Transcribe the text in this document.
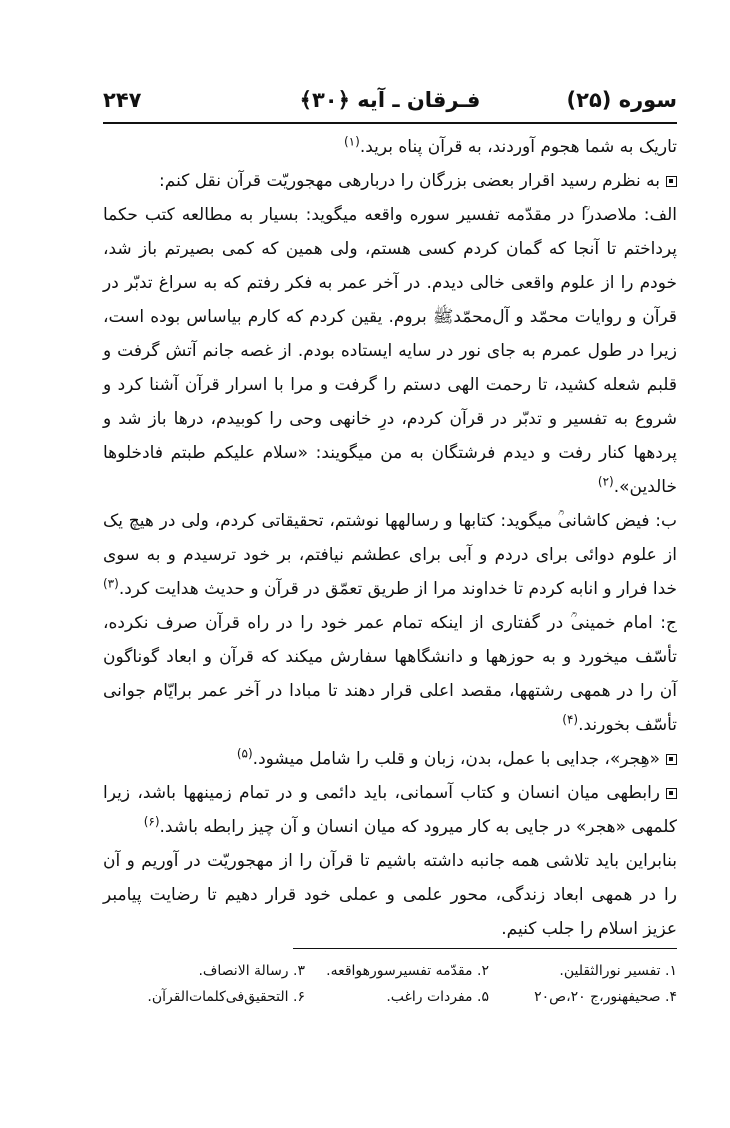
سوره (۲۵)
فـرقان ـ آيه ﴿۳۰﴾
۲۴۷

تاریک به شما هجوم آوردند، به قرآن پناه برید.$^{(۱)}$

به نظرم رسید اقرار بعضی بزرگان را دربارهی مهجوریّت قرآن نقل کنم:

الف: ملاصدرا‌ؒ در مقدّمه تفسیر سوره واقعه میگوید: بسیار به مطالعه کتب حکما پرداختم تا آنجا که گمان کردم کسی هستم، ولی همین که کمی بصیرتم باز شد، خودم را از علوم واقعی خالی دیدم. در آخر عمر به فکر رفتم که به سراغ تدبّر در قرآن و روایات محمّد و آل‌محمّد‌ﷺ بروم. یقین کردم که کارم بیاساس بوده است، زیرا در طول عمرم به جای نور در سایه ایستاده بودم. از غصه جانم آتش گرفت و قلبم شعله کشید، تا رحمت الهی دستم را گرفت و مرا با اسرار قرآن آشنا کرد و شروع به تفسیر و تدبّر در قرآن کردم، درِ خانهی وحی را کوبیدم، درها باز شد و پردهها کنار رفت و دیدم فرشتگان به من میگویند: «سلام علیکم طبتم فادخلوها خالدین».$^{(۲)}$

ب: فیض کاشانی‌ؒ میگوید: کتابها و رسالهها نوشتم، تحقیقاتی کردم، ولی در هیچ یک از علوم دوائی برای دردم و آبی برای عطشم نیافتم، بر خود ترسیدم و به سوی خدا فرار و انابه کردم تا خداوند مرا از طریق تعمّق در قرآن و حدیث هدایت کرد.$^{(۳)}$

ج: امام خمینی‌ؒ در گفتاری از اینکه تمام عمر خود را در راه قرآن صرف نکرده، تأسّف میخورد و به حوزهها و دانشگاهها سفارش میکند که قرآن و ابعاد گوناگون آن را در همهی رشتهها، مقصد اعلی قرار دهند تا مبادا در آخر عمر برایّام جوانی تأسّف بخورند.$^{(۴)}$

«هِجر»، جدایی با عمل، بدن، زبان و قلب را شامل میشود.$^{(۵)}$

رابطهی میان انسان و کتاب آسمانی، باید دائمی و در تمام زمینهها باشد، زیرا کلمهی «هجر» در جایی به کار میرود که میان انسان و آن چیز رابطه باشد.$^{(۶)}$

بنابراین باید تلاشی همه جانبه داشته باشیم تا قرآن را از مهجوریّت در آوریم و آن را در همهی ابعاد زندگی، محور علمی و عملی خود قرار دهیم تا رضایت پیامبر عزیز اسلام را جلب کنیم.

۱. تفسیر نورالثقلین.
۲. مقدّمه تفسیرسورهواقعه.
۳. رسالة الانصاف.
۴. صحیفهنور،ج ۲۰،ص۲۰
۵. مفردات راغب.
۶. التحقیق‌فی‌کلمات‌القرآن.
